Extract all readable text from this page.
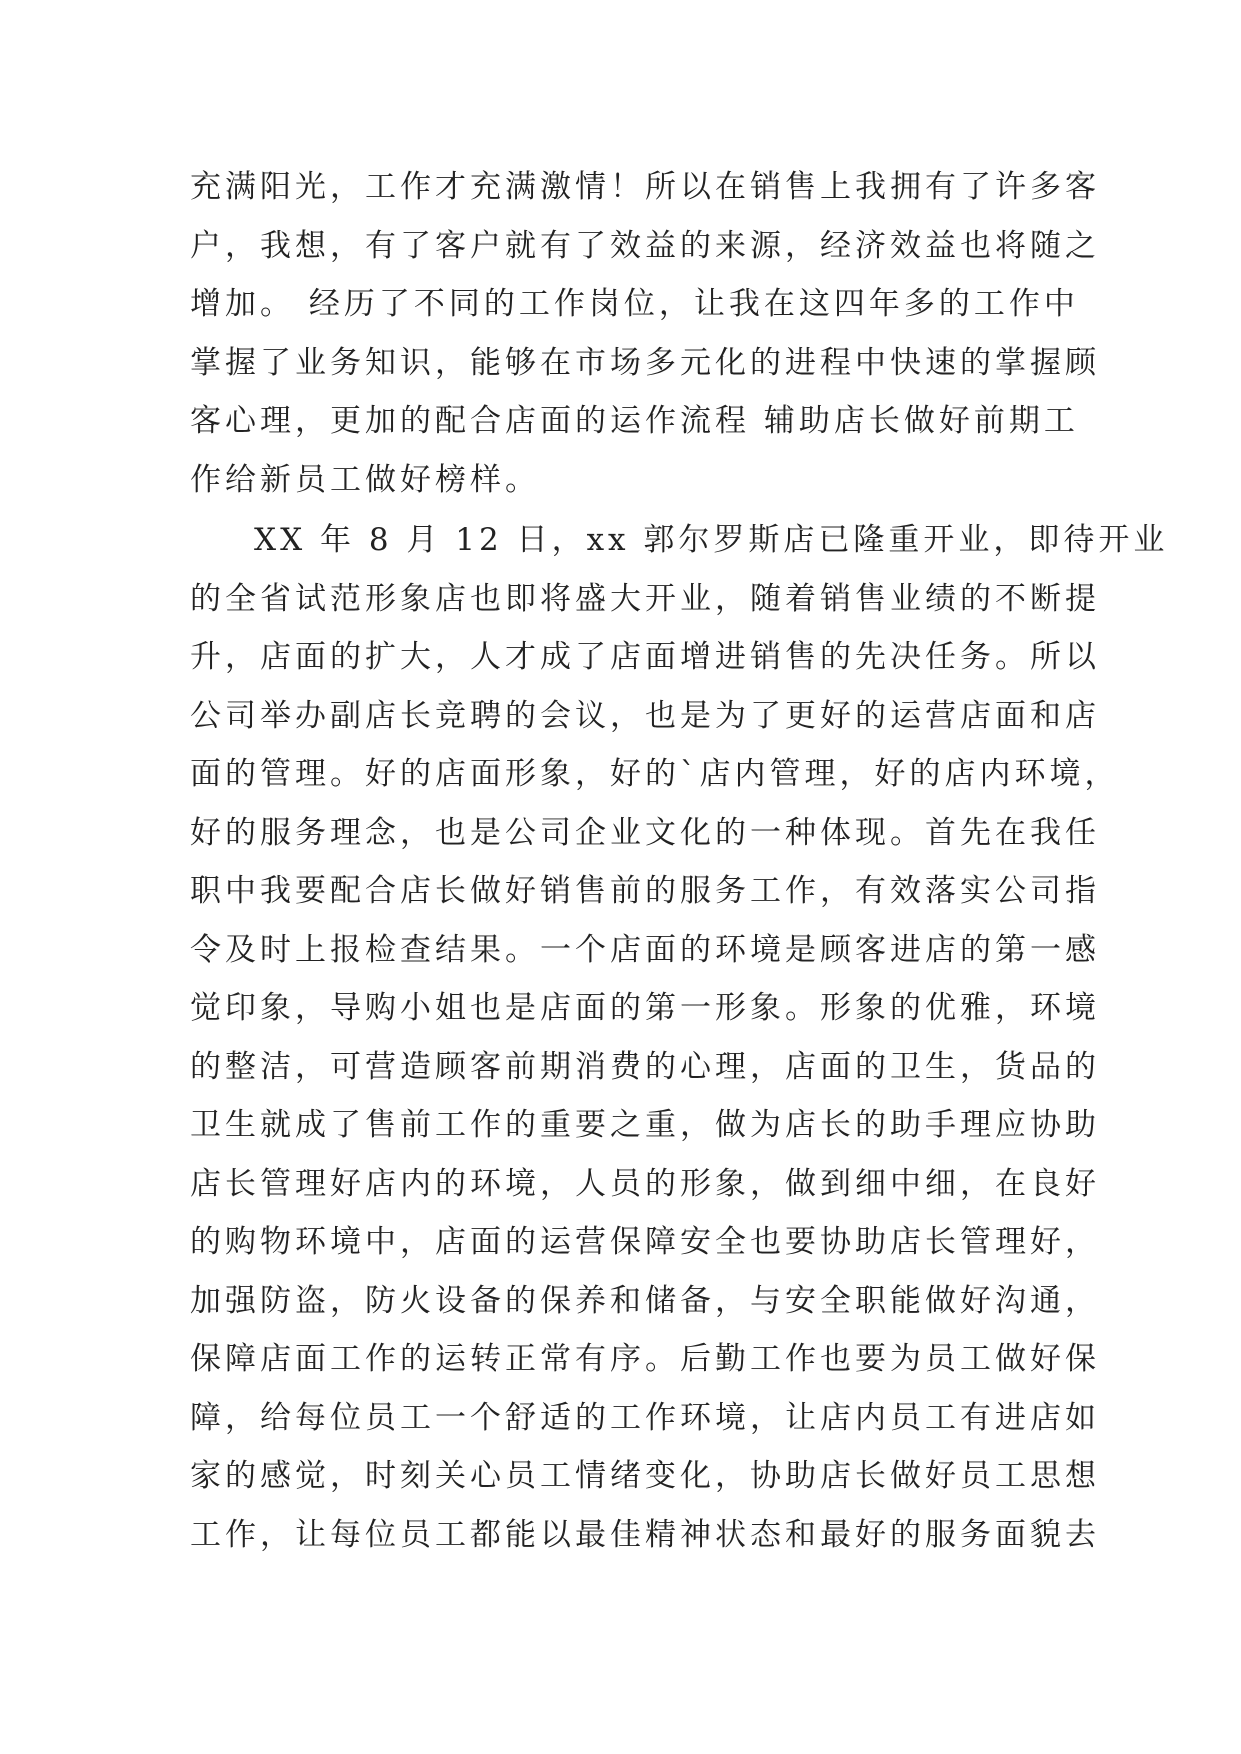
充满阳光，工作才充满激情！所以在销售上我拥有了许多客
户，我想，有了客户就有了效益的来源，经济效益也将随之
增加。 经历了不同的工作岗位，让我在这四年多的工作中
掌握了业务知识，能够在市场多元化的进程中快速的掌握顾
客心理，更加的配合店面的运作流程 辅助店长做好前期工
作给新员工做好榜样。
XX 年 8 月 12 日，xx 郭尔罗斯店已隆重开业，即待开业
的全省试范形象店也即将盛大开业，随着销售业绩的不断提
升，店面的扩大，人才成了店面增进销售的先决任务。所以
公司举办副店长竞聘的会议，也是为了更好的运营店面和店
面的管理。好的店面形象，好的`店内管理，好的店内环境，
好的服务理念，也是公司企业文化的一种体现。首先在我任
职中我要配合店长做好销售前的服务工作，有效落实公司指
令及时上报检查结果。一个店面的环境是顾客进店的第一感
觉印象，导购小姐也是店面的第一形象。形象的优雅，环境
的整洁，可营造顾客前期消费的心理，店面的卫生，货品的
卫生就成了售前工作的重要之重，做为店长的助手理应协助
店长管理好店内的环境，人员的形象，做到细中细，在良好
的购物环境中，店面的运营保障安全也要协助店长管理好，
加强防盗，防火设备的保养和储备，与安全职能做好沟通，
保障店面工作的运转正常有序。后勤工作也要为员工做好保
障，给每位员工一个舒适的工作环境，让店内员工有进店如
家的感觉，时刻关心员工情绪变化，协助店长做好员工思想
工作，让每位员工都能以最佳精神状态和最好的服务面貌去
